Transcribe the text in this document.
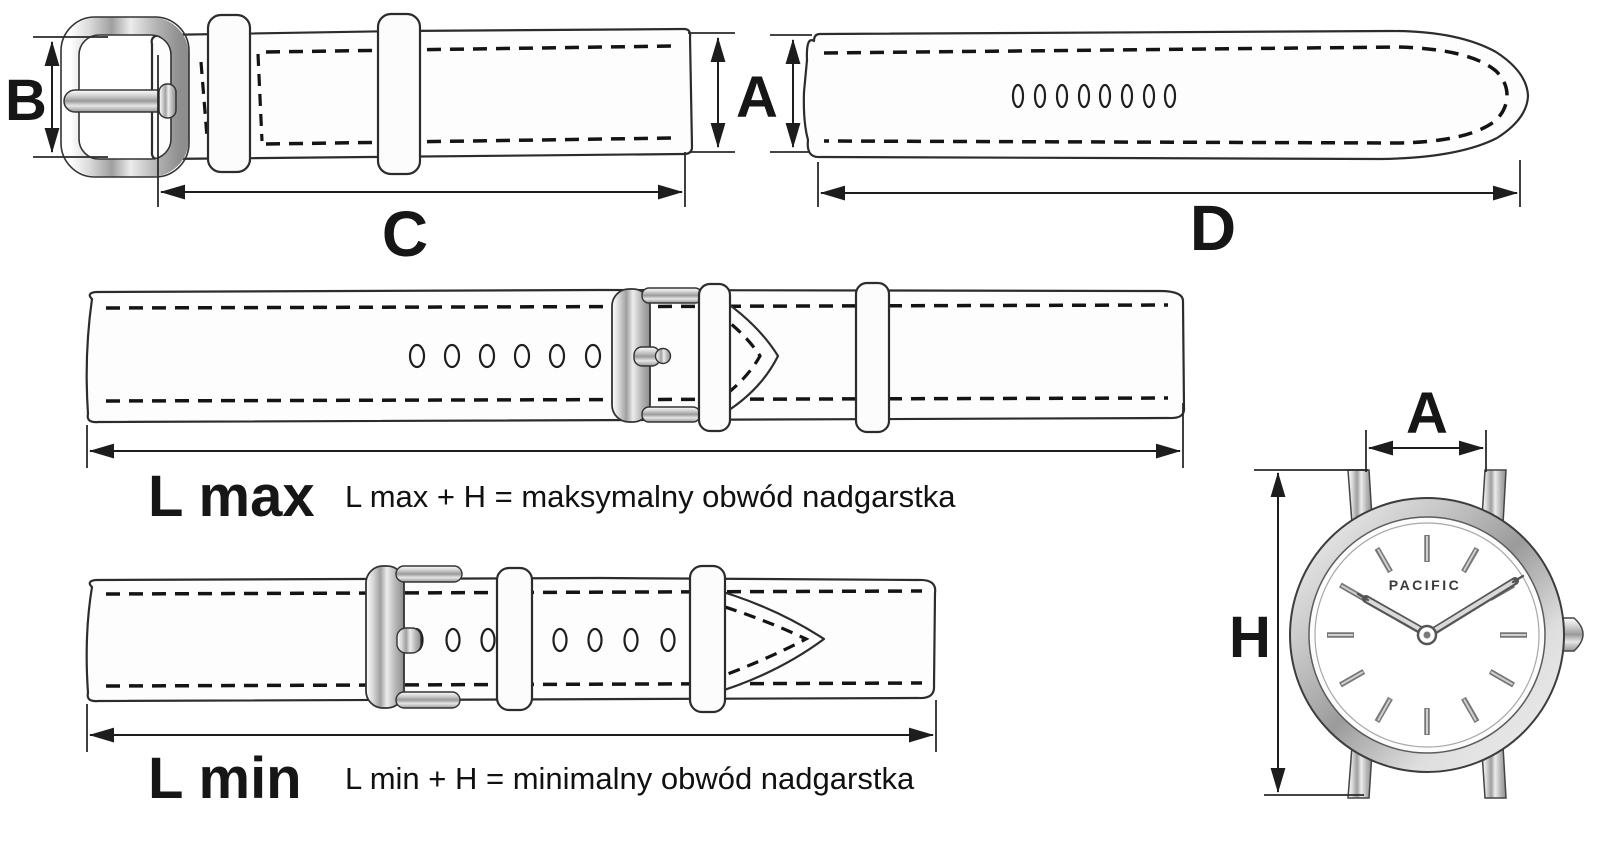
B	A
C	D
L max L max + H = maksymalny obwód nadgarstka
L min L min + H = minimalny obwód nadgarstka
PACIFIC
A
H
